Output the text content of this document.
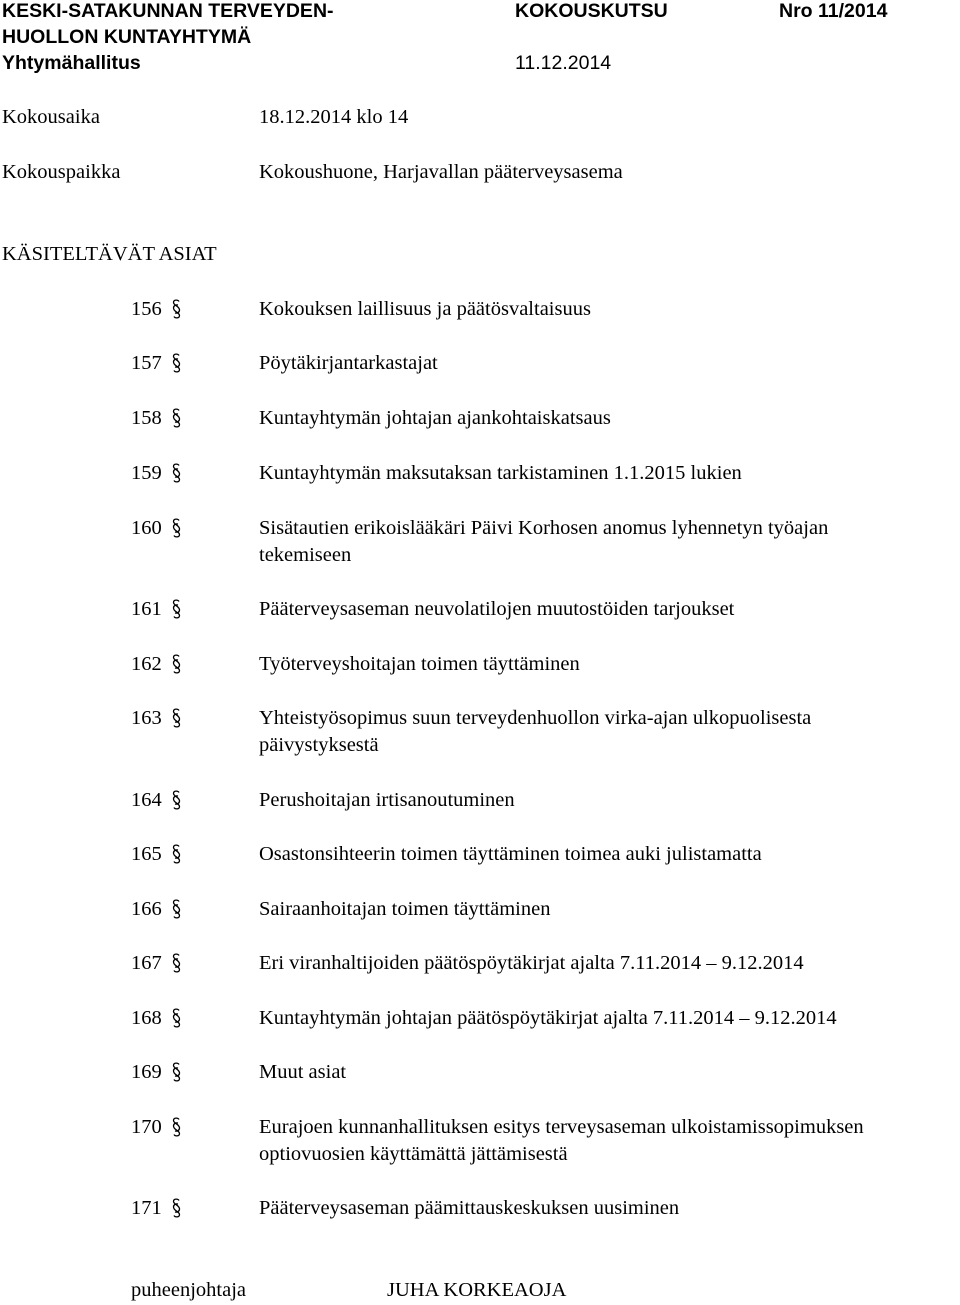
KESKI-SATAKUNNAN TERVEYDEN-	KOKOUSKUTSU	Nro 11/2014
HUOLLON KUNTAYHTYMÄ
Yhtymähallitus	11.12.2014
Kokousaika	18.12.2014 klo 14
Kokouspaikka	Kokoushuone, Harjavallan pääterveysasema
KÄSITELTÄVÄT ASIAT
156	Kokouksen laillisuus ja päätösvaltaisuus
157	Pöytäkirjantarkastajat
158	Kuntayhtymän johtajan ajankohtaiskatsaus
159	Kuntayhtymän maksutaksan tarkistaminen 1.1.2015 lukien
160	Sisätautien erikoislääkäri Päivi Korhosen anomus lyhennetyn työajan
tekemiseen
161	Pääterveysaseman neuvolatilojen muutostöiden tarjoukset
162	Työterveyshoitajan toimen täyttäminen
163	Yhteistyösopimus suun terveydenhuollon virka-ajan ulkopuolisesta
päivystyksestä
164	Perushoitajan irtisanoutuminen
165	Osastonsihteerin toimen täyttäminen toimea auki julistamatta
166	Sairaanhoitajan toimen täyttäminen
167	Eri viranhaltijoiden päätöspöytäkirjat ajalta 7.11.2014 – 9.12.2014
168	Kuntayhtymän johtajan päätöspöytäkirjat ajalta 7.11.2014 – 9.12.2014
169	Muut asiat
170	Eurajoen kunnanhallituksen esitys terveysaseman ulkoistamissopimuksen
optiovuosien käyttämättä jättämisestä
171	Pääterveysaseman päämittauskeskuksen uusiminen
puheenjohtaja	JUHA KORKEAOJA
